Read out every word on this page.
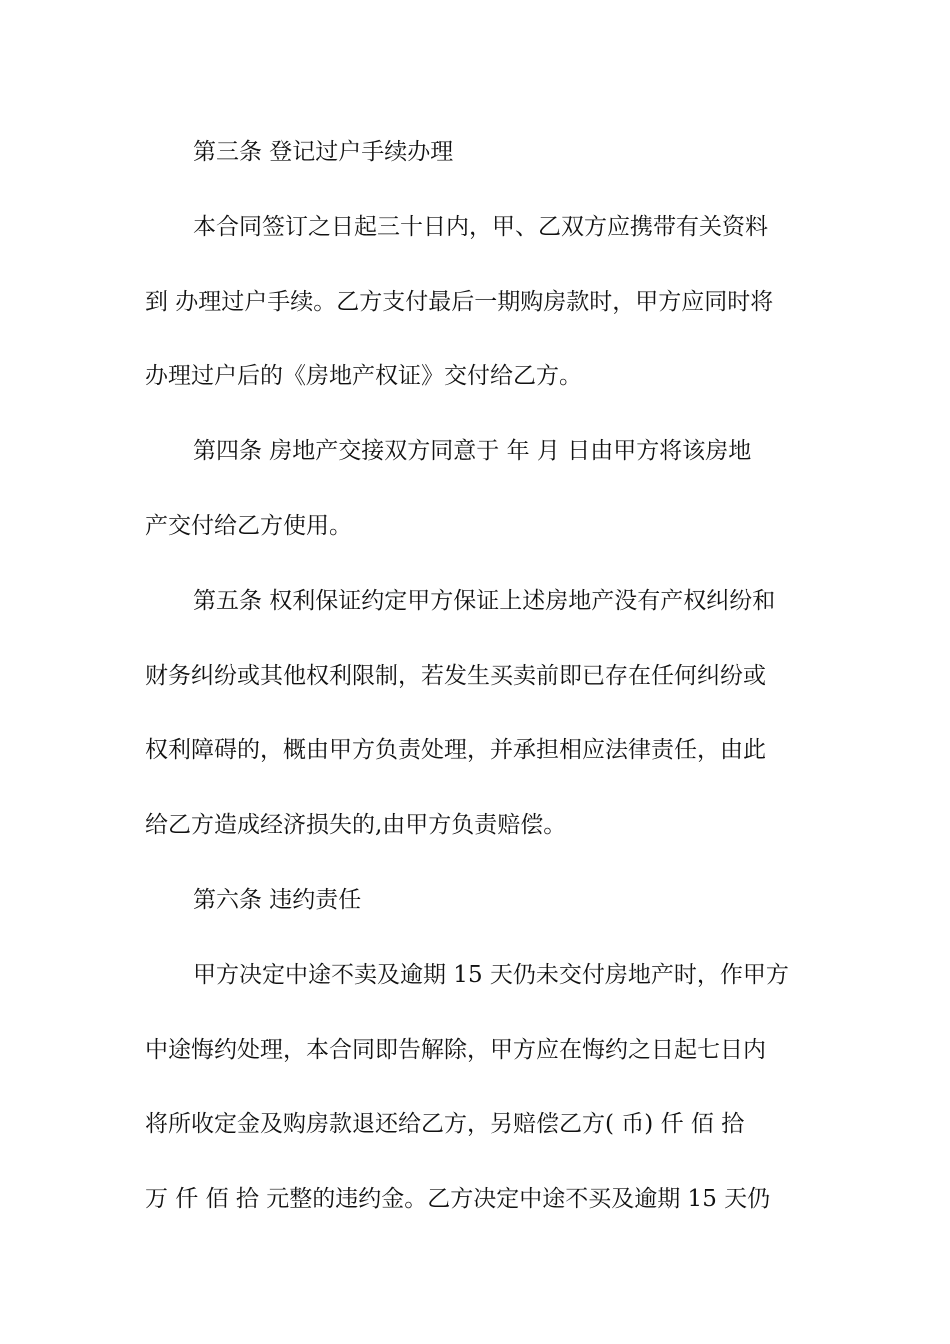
第三条 登记过户手续办理

本合同签订之日起三十日内，甲、乙双方应携带有关资料

到 办理过户手续。乙方支付最后一期购房款时，甲方应同时将

办理过户后的《房地产权证》交付给乙方。

第四条 房地产交接双方同意于 年 月 日由甲方将该房地

产交付给乙方使用。

第五条 权利保证约定甲方保证上述房地产没有产权纠纷和

财务纠纷或其他权利限制，若发生买卖前即已存在任何纠纷或

权利障碍的，概由甲方负责处理，并承担相应法律责任，由此

给乙方造成经济损失的,由甲方负责赔偿。

第六条 违约责任

甲方决定中途不卖及逾期 15 天仍未交付房地产时，作甲方

中途悔约处理，本合同即告解除，甲方应在悔约之日起七日内

将所收定金及购房款退还给乙方，另赔偿乙方( 币) 仟 佰 拾

万 仟 佰 拾 元整的违约金。乙方决定中途不买及逾期 15 天仍
